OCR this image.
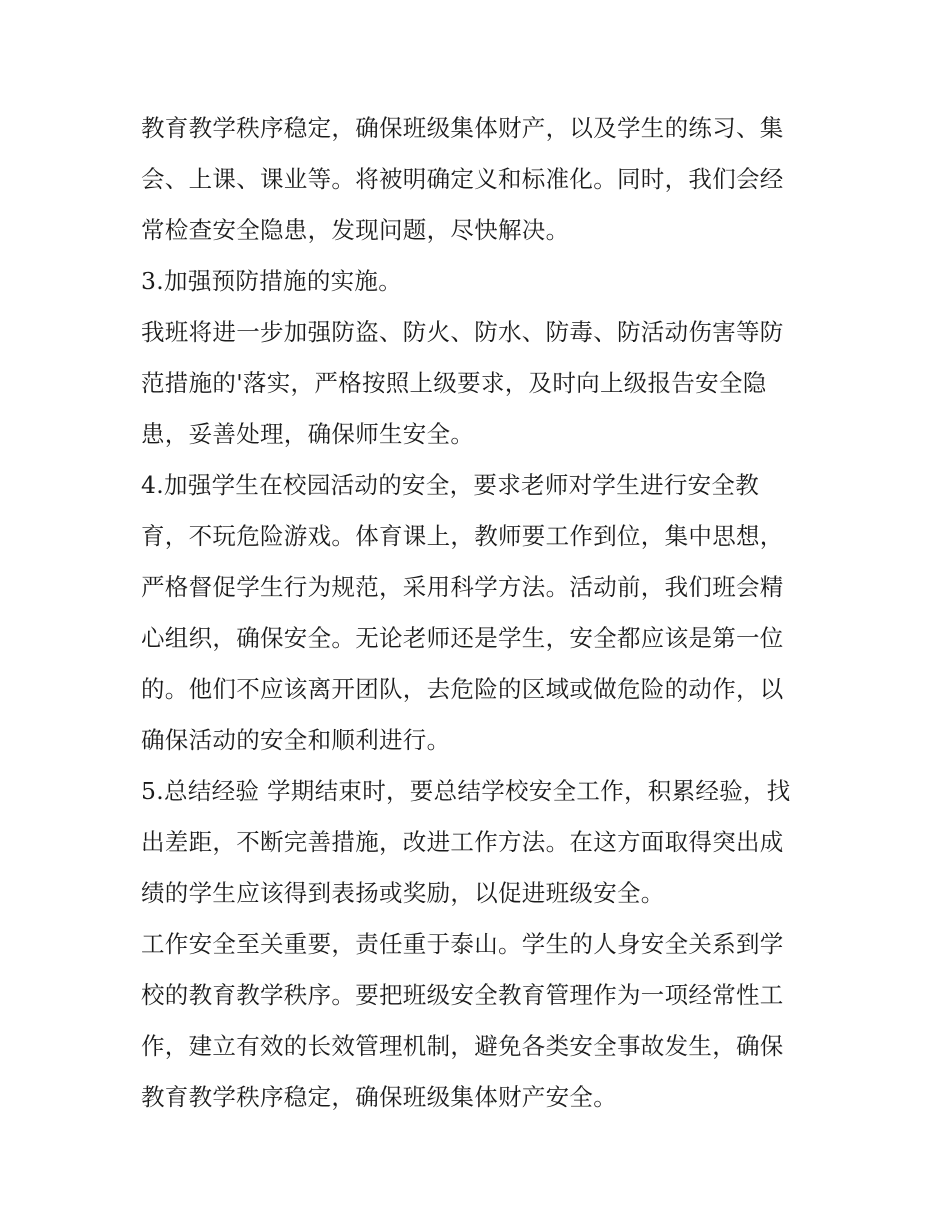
教育教学秩序稳定，确保班级集体财产，以及学生的练习、集
会、上课、课业等。将被明确定义和标准化。同时，我们会经
常检查安全隐患，发现问题，尽快解决。
3.加强预防措施的实施。
我班将进一步加强防盗、防火、防水、防毒、防活动伤害等防
范措施的'落实，严格按照上级要求，及时向上级报告安全隐
患，妥善处理，确保师生安全。
4.加强学生在校园活动的安全，要求老师对学生进行安全教
育，不玩危险游戏。体育课上，教师要工作到位，集中思想，
严格督促学生行为规范，采用科学方法。活动前，我们班会精
心组织，确保安全。无论老师还是学生，安全都应该是第一位
的。他们不应该离开团队，去危险的区域或做危险的动作，以
确保活动的安全和顺利进行。
5.总结经验 学期结束时，要总结学校安全工作，积累经验，找
出差距，不断完善措施，改进工作方法。在这方面取得突出成
绩的学生应该得到表扬或奖励，以促进班级安全。
工作安全至关重要，责任重于泰山。学生的人身安全关系到学
校的教育教学秩序。要把班级安全教育管理作为一项经常性工
作，建立有效的长效管理机制，避免各类安全事故发生，确保
教育教学秩序稳定，确保班级集体财产安全。
